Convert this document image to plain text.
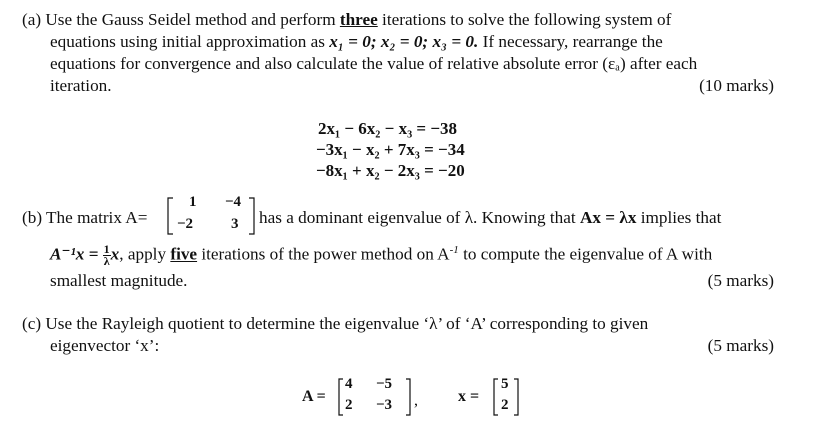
(a) Use the Gauss Seidel method and perform three iterations to solve the following system of
equations using initial approximation as x₁ = 0; x₂ = 0; x₃ = 0. If necessary, rearrange the
equations for convergence and also calculate the value of relative absolute error (εₐ) after each
iteration.	(10 marks)
2x₁ − 6x₂ − x₃ = −38
−3x₁ − x₂ + 7x₃ = −34
−8x₁ + x₂ − 2x₃ = −20
(b) The matrix A=
1 −4
−2	3 has a dominant eigenvalue of λ. Knowing that Ax = λx implies that
$A^{-1}x = \frac{1}{\lambda} x$, apply five iterations of the power method on $A^{-1}$ to compute the eigenvalue of A with
smallest magnitude.	(5 marks)
(c) Use the Rayleigh quotient to determine the eigenvalue ‘λ’ of ‘A’ corresponding to given
eigenvector ‘x’:	(5 marks)
A =
4 −5
2 −3 ,	x =
5
2
